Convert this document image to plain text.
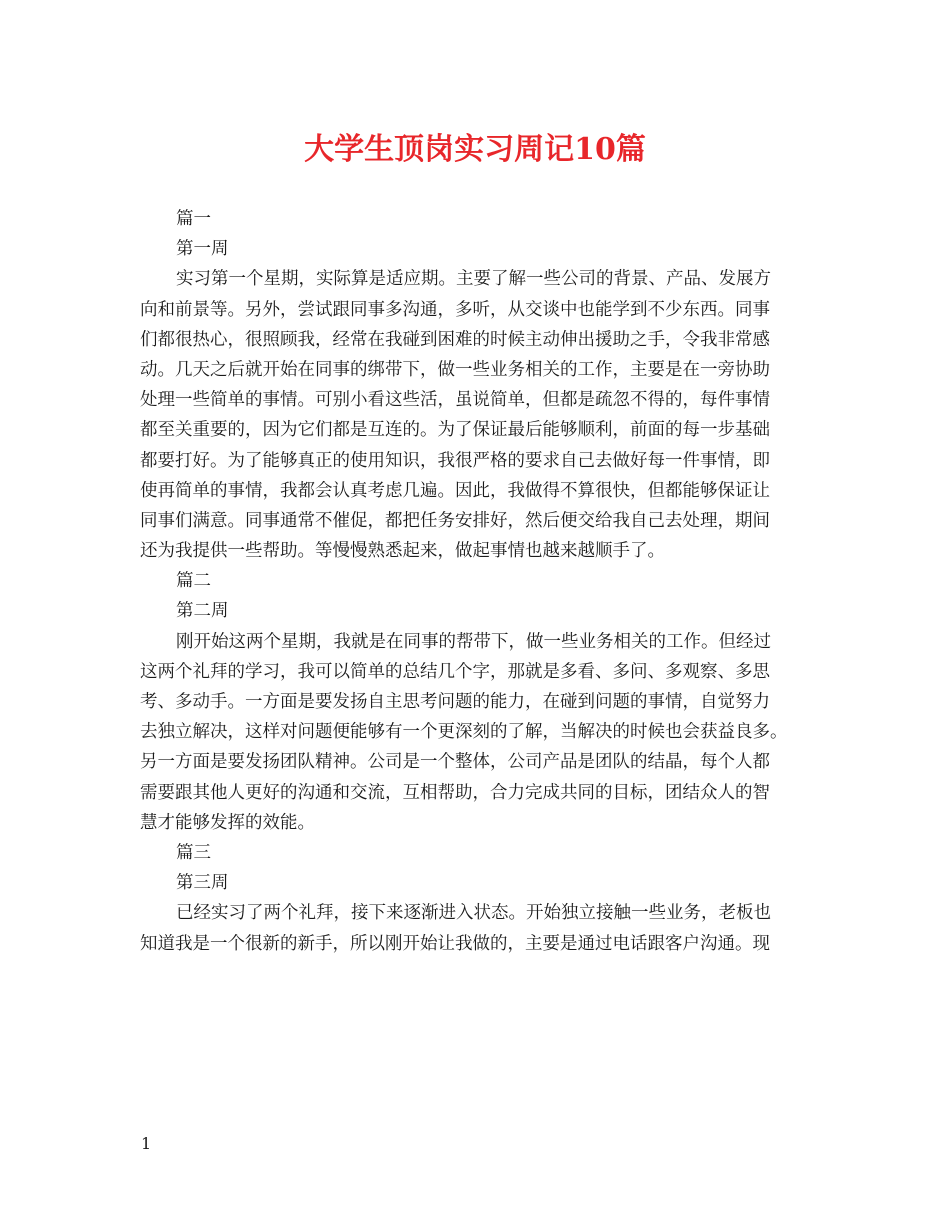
大学生顶岗实习周记10篇
篇一
第一周
实习第一个星期，实际算是适应期。主要了解一些公司的背景、产品、发展方
向和前景等。另外，尝试跟同事多沟通，多听，从交谈中也能学到不少东西。同事
们都很热心，很照顾我，经常在我碰到困难的时候主动伸出援助之手，令我非常感
动。几天之后就开始在同事的绑带下，做一些业务相关的工作，主要是在一旁协助
处理一些简单的事情。可别小看这些活，虽说简单，但都是疏忽不得的，每件事情
都至关重要的，因为它们都是互连的。为了保证最后能够顺利，前面的每一步基础
都要打好。为了能够真正的使用知识，我很严格的要求自己去做好每一件事情，即
使再简单的事情，我都会认真考虑几遍。因此，我做得不算很快，但都能够保证让
同事们满意。同事通常不催促，都把任务安排好，然后便交给我自己去处理，期间
还为我提供一些帮助。等慢慢熟悉起来，做起事情也越来越顺手了。
篇二
第二周
刚开始这两个星期，我就是在同事的帮带下，做一些业务相关的工作。但经过
这两个礼拜的学习，我可以简单的总结几个字，那就是多看、多问、多观察、多思
考、多动手。一方面是要发扬自主思考问题的能力，在碰到问题的事情，自觉努力
去独立解决，这样对问题便能够有一个更深刻的了解，当解决的时候也会获益良多。
另一方面是要发扬团队精神。公司是一个整体，公司产品是团队的结晶，每个人都
需要跟其他人更好的沟通和交流，互相帮助，合力完成共同的目标，团结众人的智
慧才能够发挥的效能。
篇三
第三周
已经实习了两个礼拜，接下来逐渐进入状态。开始独立接触一些业务，老板也
知道我是一个很新的新手，所以刚开始让我做的，主要是通过电话跟客户沟通。现
1
